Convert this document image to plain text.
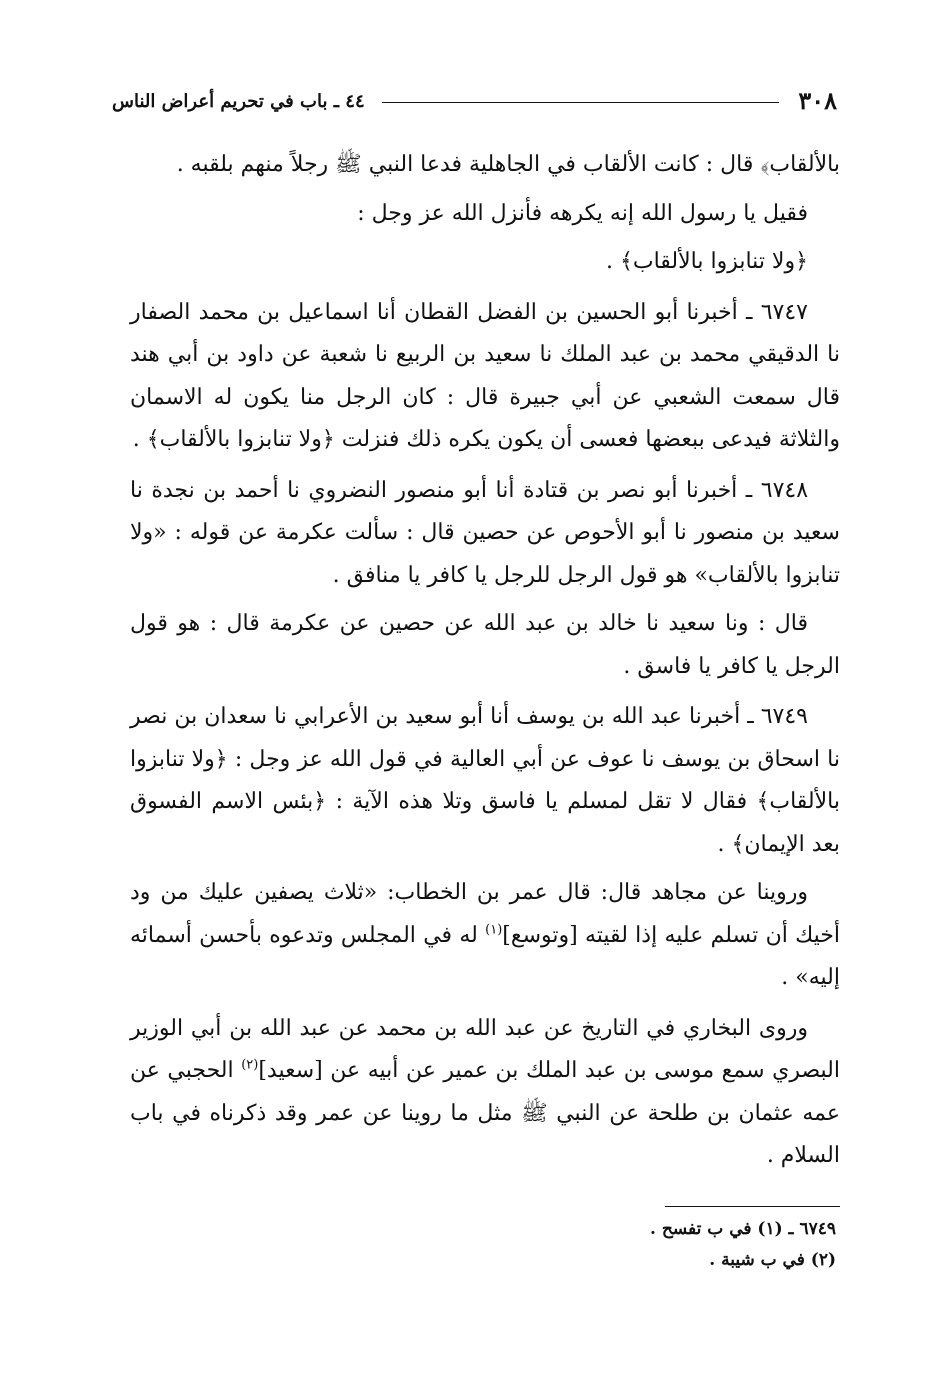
٣٠٨
٤٤ ـ باب في تحريم أعراض الناس

بالألقاب﴾ قال : كانت الألقاب في الجاهلية فدعا النبي ﷺ رجلاً منهم بلقبه .

فقيل يا رسول الله إنه يكرهه فأنزل الله عز وجل :

﴿ولا تنابزوا بالألقاب﴾ .

٦٧٤٧ ـ أخبرنا أبو الحسين بن الفضل القطان أنا اسماعيل بن محمد الصفار نا الدقيقي محمد بن عبد الملك نا سعيد بن الربيع نا شعبة عن داود بن أبي هند قال سمعت الشعبي عن أبي جبيرة قال : كان الرجل منا يكون له الاسمان والثلاثة فيدعى ببعضها فعسى أن يكون يكره ذلك فنزلت ﴿ولا تنابزوا بالألقاب﴾ .

٦٧٤٨ ـ أخبرنا أبو نصر بن قتادة أنا أبو منصور النضروي نا أحمد بن نجدة نا سعيد بن منصور نا أبو الأحوص عن حصين قال : سألت عكرمة عن قوله : «ولا تنابزوا بالألقاب» هو قول الرجل للرجل يا كافر يا منافق .

قال : ونا سعيد نا خالد بن عبد الله عن حصين عن عكرمة قال : هو قول الرجل يا كافر يا فاسق .

٦٧٤٩ ـ أخبرنا عبد الله بن يوسف أنا أبو سعيد بن الأعرابي نا سعدان بن نصر نا اسحاق بن يوسف نا عوف عن أبي العالية في قول الله عز وجل : ﴿ولا تنابزوا بالألقاب﴾ فقال لا تقل لمسلم يا فاسق وتلا هذه الآية : ﴿بئس الاسم الفسوق بعد الإيمان﴾ .

وروينا عن مجاهد قال: قال عمر بن الخطاب: «ثلاث يصفين عليك من ود أخيك أن تسلم عليه إذا لقيته [وتوسع]$^{(١)}$ له في المجلس وتدعوه بأحسن أسمائه إليه» .

وروى البخاري في التاريخ عن عبد الله بن محمد عن عبد الله بن أبي الوزير البصري سمع موسى بن عبد الملك بن عمير عن أبيه عن [سعيد]$^{(٢)}$ الحجبي عن عمه عثمان بن طلحة عن النبي ﷺ مثل ما روينا عن عمر وقد ذكرناه في باب السلام .

٦٧٤٩ ـ (١) في ب تفسح .
(٢) في ب شيبة .
